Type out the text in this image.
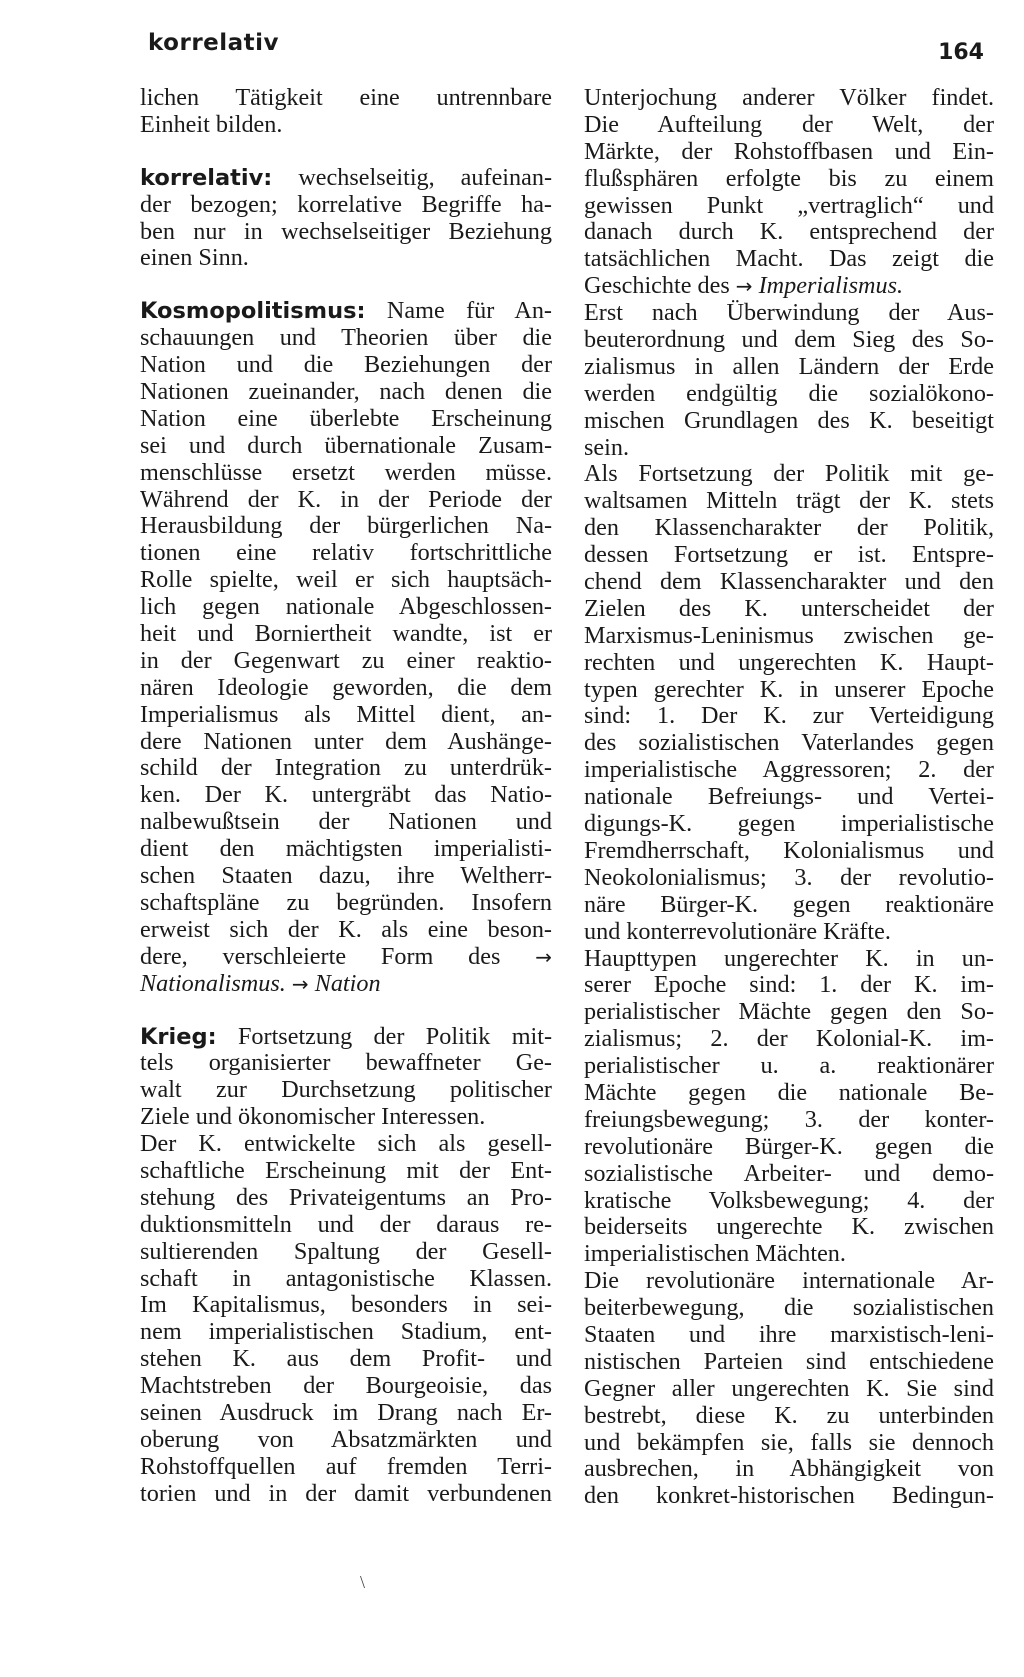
korrelativ	164
lichen Tätigkeit eine untrennbare
Einheit bilden.
korrelativ: wechselseitig, aufeinan-
der bezogen; korrelative Begriffe ha-
ben nur in wechselseitiger Beziehung
einen Sinn.
Kosmopolitismus: Name für An-
schauungen und Theorien über die
Nation und die Beziehungen der
Nationen zueinander, nach denen die
Nation eine überlebte Erscheinung
sei und durch übernationale Zusam-
menschlüsse ersetzt werden müsse.
Während der K. in der Periode der
Herausbildung der bürgerlichen Na-
tionen eine relativ fortschrittliche
Rolle spielte, weil er sich hauptsäch-
lich gegen nationale Abgeschlossen-
heit und Borniertheit wandte, ist er
in der Gegenwart zu einer reaktio-
nären Ideologie geworden, die dem
Imperialismus als Mittel dient, an-
dere Nationen unter dem Aushänge-
schild der Integration zu unterdrük-
ken. Der K. untergräbt das Natio-
nalbewußtsein der Nationen und
dient den mächtigsten imperialisti-
schen Staaten dazu, ihre Weltherr-
schaftspläne zu begründen. Insofern
erweist sich der K. als eine beson-
dere, verschleierte Form des →
Nationalismus. → Nation
Krieg: Fortsetzung der Politik mit-
tels organisierter bewaffneter Ge-
walt zur Durchsetzung politischer
Ziele und ökonomischer Interessen.
Der K. entwickelte sich als gesell-
schaftliche Erscheinung mit der Ent-
stehung des Privateigentums an Pro-
duktionsmitteln und der daraus re-
sultierenden Spaltung der Gesell-
schaft in antagonistische Klassen.
Im Kapitalismus, besonders in sei-
nem imperialistischen Stadium, ent-
stehen K. aus dem Profit- und
Machtstreben der Bourgeoisie, das
seinen Ausdruck im Drang nach Er-
oberung von Absatzmärkten und
Rohstoffquellen auf fremden Terri-
torien und in der damit verbundenen
Unterjochung anderer Völker findet.
Die Aufteilung der Welt, der
Märkte, der Rohstoffbasen und Ein-
flußsphären erfolgte bis zu einem
gewissen Punkt „vertraglich“ und
danach durch K. entsprechend der
tatsächlichen Macht. Das zeigt die
Geschichte des → Imperialismus.
Erst nach Überwindung der Aus-
beuterordnung und dem Sieg des So-
zialismus in allen Ländern der Erde
werden endgültig die sozialökono-
mischen Grundlagen des K. beseitigt
sein.
Als Fortsetzung der Politik mit ge-
waltsamen Mitteln trägt der K. stets
den Klassencharakter der Politik,
dessen Fortsetzung er ist. Entspre-
chend dem Klassencharakter und den
Zielen des K. unterscheidet der
Marxismus-Leninismus zwischen ge-
rechten und ungerechten K. Haupt-
typen gerechter K. in unserer Epoche
sind: 1. Der K. zur Verteidigung
des sozialistischen Vaterlandes gegen
imperialistische Aggressoren; 2. der
nationale Befreiungs- und Vertei-
digungs-K. gegen imperialistische
Fremdherrschaft, Kolonialismus und
Neokolonialismus; 3. der revolutio-
näre Bürger-K. gegen reaktionäre
und konterrevolutionäre Kräfte.
Haupttypen ungerechter K. in un-
serer Epoche sind: 1. der K. im-
perialistischer Mächte gegen den So-
zialismus; 2. der Kolonial-K. im-
perialistischer u. a. reaktionärer
Mächte gegen die nationale Be-
freiungsbewegung; 3. der konter-
revolutionäre Bürger-K. gegen die
sozialistische Arbeiter- und demo-
kratische Volksbewegung; 4. der
beiderseits ungerechte K. zwischen
imperialistischen Mächten.
Die revolutionäre internationale Ar-
beiterbewegung, die sozialistischen
Staaten und ihre marxistisch-leni-
nistischen Parteien sind entschiedene
Gegner aller ungerechten K. Sie sind
bestrebt, diese K. zu unterbinden
und bekämpfen sie, falls sie dennoch
ausbrechen, in Abhängigkeit von
den konkret-historischen Bedingun-
\
